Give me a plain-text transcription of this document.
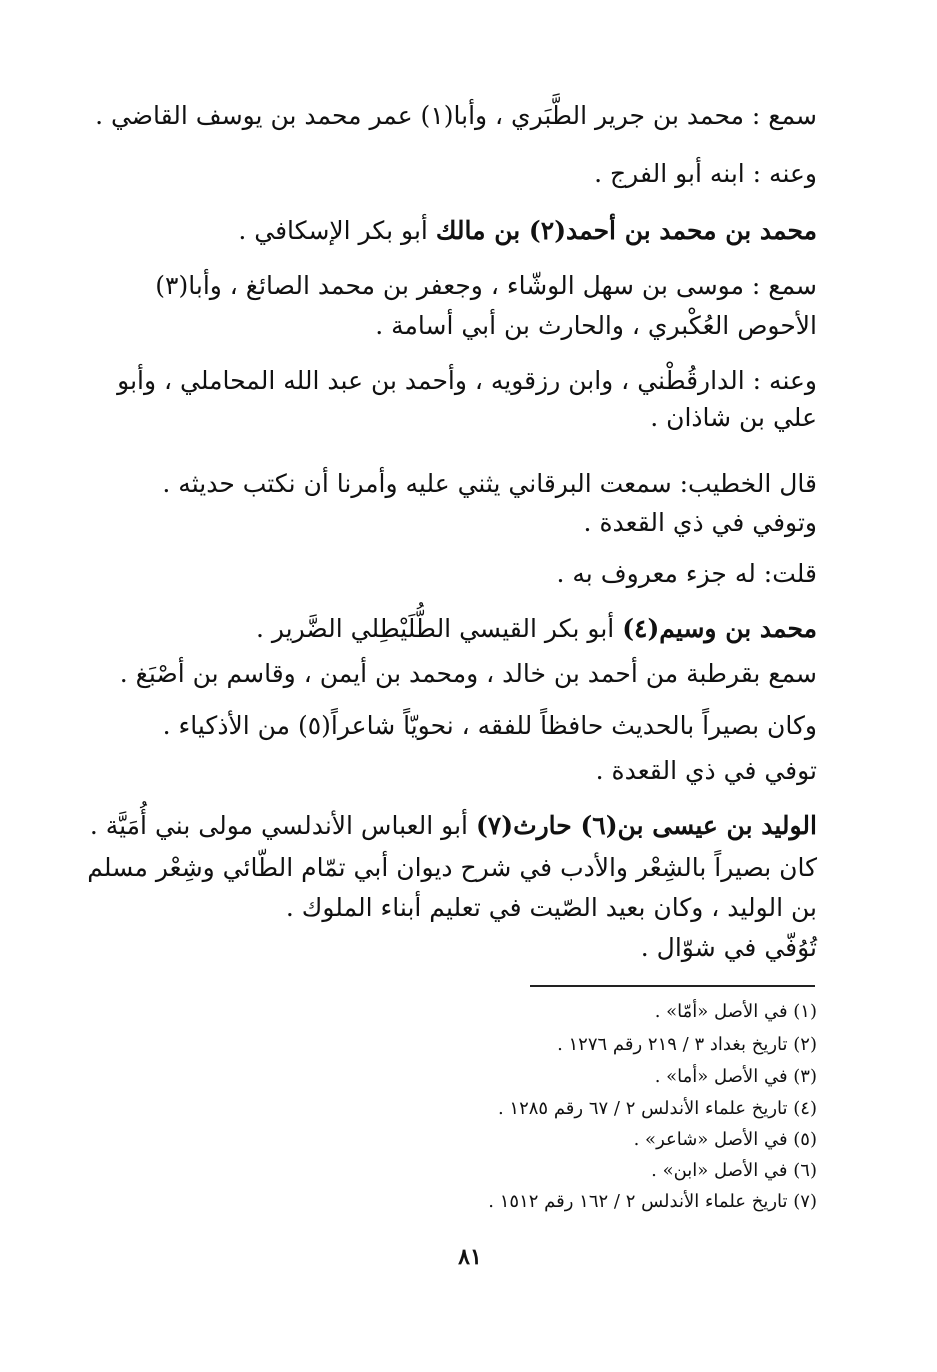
سمع : محمد بن جرير الطَّبَري ، وأبا(١) عمر محمد بن يوسف القاضي .
وعنه : ابنه أبو الفرج .
محمد بن محمد بن أحمد(٢) بن مالك أبو بكر الإسكافي .
سمع : موسى بن سهل الوشّاء ، وجعفر بن محمد الصائغ ، وأبا(٣)
الأحوص العُكْبري ، والحارث بن أبي أسامة .
وعنه : الدارقُطْني ، وابن رزقويه ، وأحمد بن عبد الله المحاملي ، وأبو
علي بن شاذان .
قال الخطيب: سمعت البرقاني يثني عليه وأمرنا أن نكتب حديثه .
وتوفي في ذي القعدة .
قلت: له جزء معروف به .
محمد بن وسيم(٤) أبو بكر القيسي الطُّلَيْطِلي الضَّرير .
سمع بقرطبة من أحمد بن خالد ، ومحمد بن أيمن ، وقاسم بن أصْبَغ .
وكان بصيراً بالحديث حافظاً للفقه ، نحويّاً شاعراً(٥) من الأذكياء .
توفي في ذي القعدة .
الوليد بن عيسى بن(٦) حارث(٧) أبو العباس الأندلسي مولى بني أُمَيَّة .
كان بصيراً بالشِعْر والأدب في شرح ديوان أبي تمّام الطّائي وشِعْر مسلم
بن الوليد ، وكان بعيد الصّيت في تعليم أبناء الملوك .
تُوُفّي في شوّال .
(١) في الأصل «أمّا» .
(٢) تاريخ بغداد ٣ / ٢١٩ رقم ١٢٧٦ .
(٣) في الأصل «أما» .
(٤) تاريخ علماء الأندلس ٢ / ٦٧ رقم ١٢٨٥ .
(٥) في الأصل «شاعر» .
(٦) في الأصل «ابن» .
(٧) تاريخ علماء الأندلس ٢ / ١٦٢ رقم ١٥١٢ .
٨١
